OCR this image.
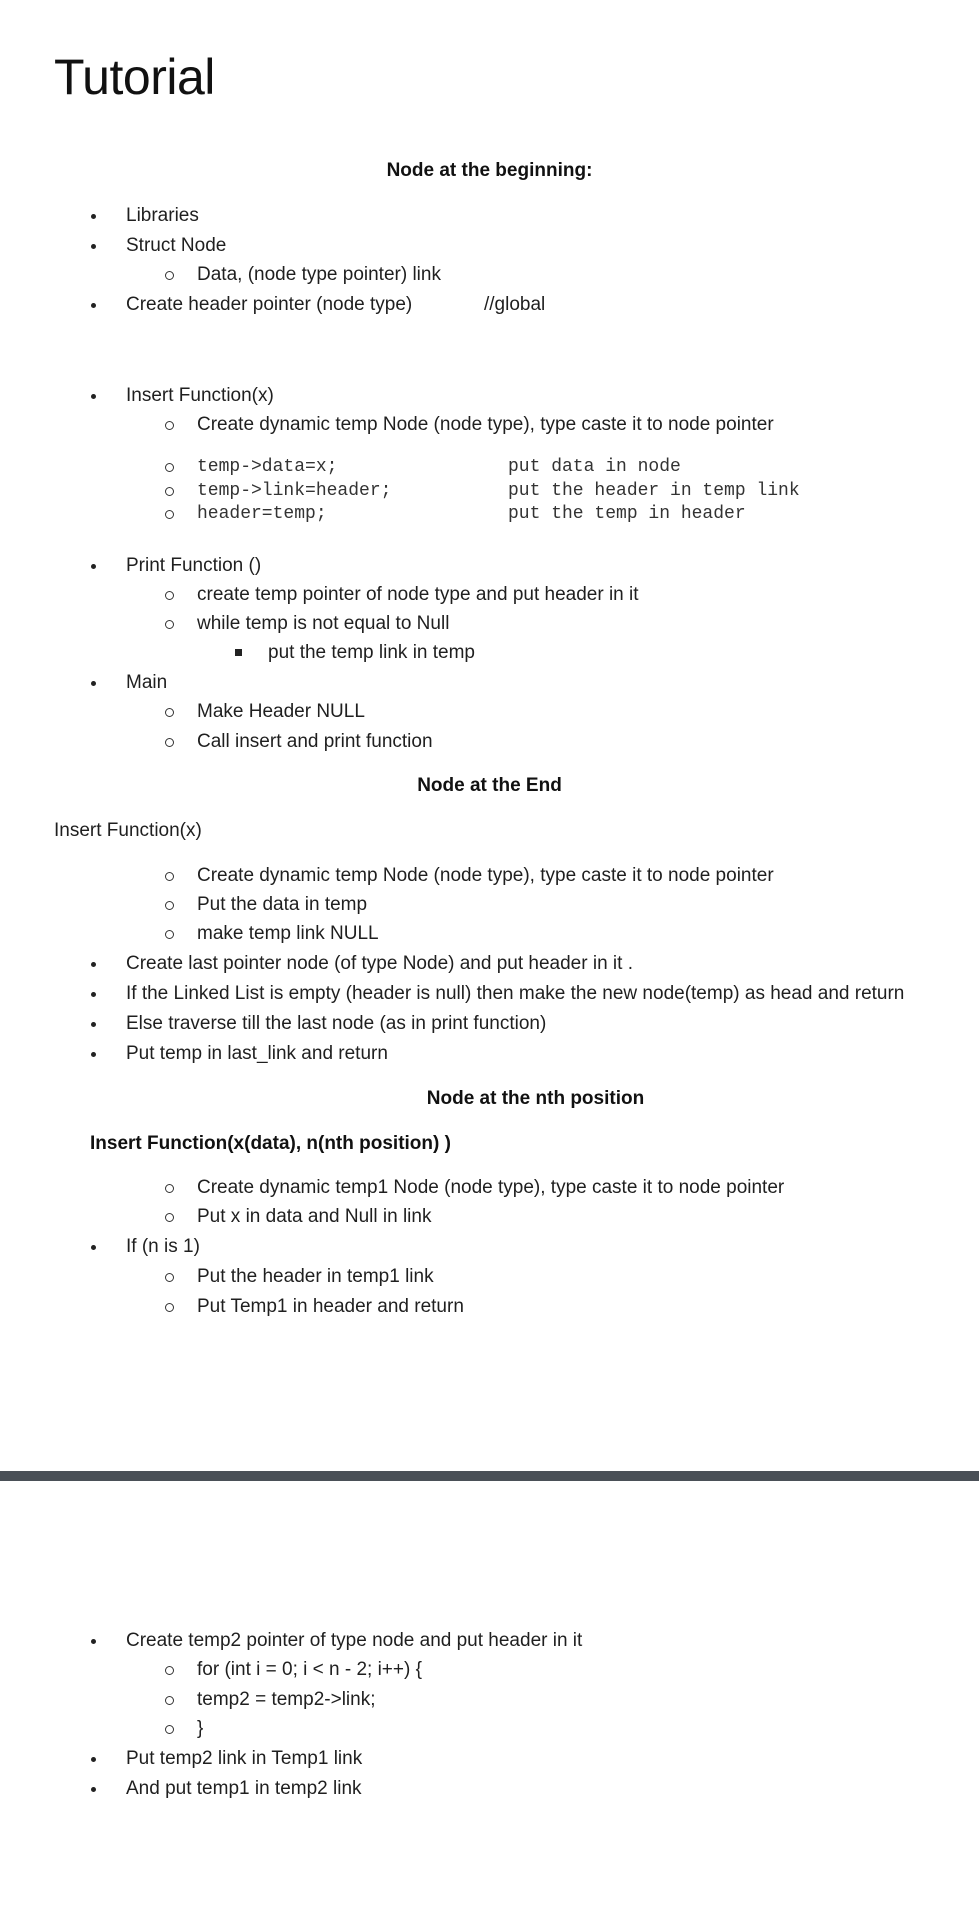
Tutorial
Node at the beginning:
Libraries
Struct Node
Data, (node type pointer) link
Create header pointer (node type)	//global
Insert Function(x)
Create dynamic temp Node (node type), type caste it to node pointer
temp->data=x;	put data in node
temp->link=header;	put the header in temp link
header=temp;	put the temp in header
Print Function ()
create temp pointer of node type and put header in it
while temp is not equal to Null
put the temp link in temp
Main
Make Header NULL
Call insert and print function
Node at the End
Insert Function(x)
Create dynamic temp Node (node type), type caste it to node pointer
Put the data in temp
make temp link NULL
Create last pointer node (of type Node) and put header in it .
If the Linked List is empty (header is null) then make the new node(temp) as head and return
Else traverse till the last node (as in print function)
Put temp in last_link and return
Node at the nth position
Insert Function(x(data), n(nth position) )
Create dynamic temp1 Node (node type), type caste it to node pointer
Put x in data and Null in link
If (n is 1)
Put the header in temp1 link
Put Temp1 in header and return
Create temp2 pointer of type node and put header in it
for (int i = 0; i < n - 2; i++) {
temp2 = temp2->link;
}
Put temp2 link in Temp1 link
And put temp1 in temp2 link
